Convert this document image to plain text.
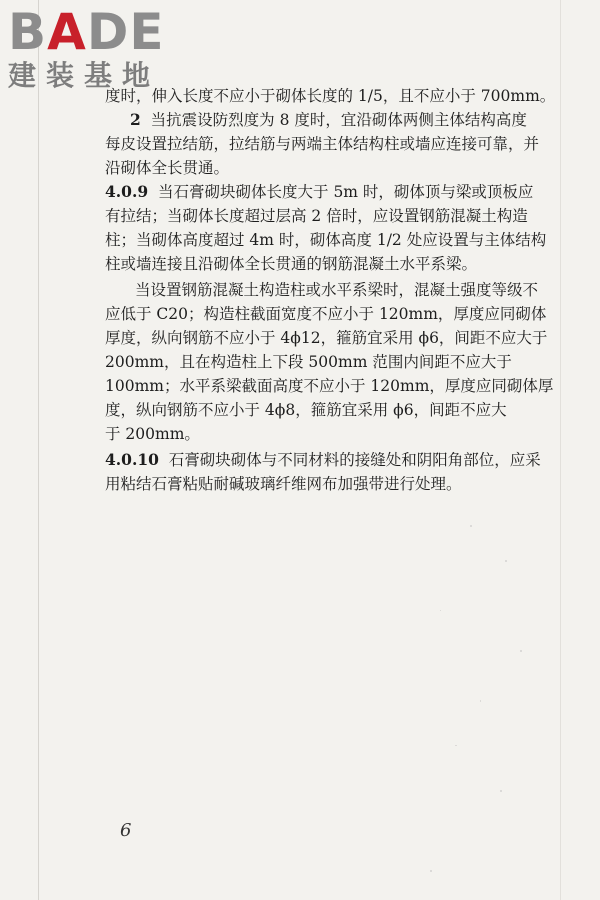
BADE
建装基地
度时，伸入长度不应小于砌体长度的 1/5，且不应小于 700mm。
2 当抗震设防烈度为 8 度时，宜沿砌体两侧主体结构高度
每皮设置拉结筋，拉结筋与两端主体结构柱或墙应连接可靠，并
沿砌体全长贯通。
4.0.9 当石膏砌块砌体长度大于 5m 时，砌体顶与梁或顶板应
有拉结；当砌体长度超过层高 2 倍时，应设置钢筋混凝土构造
柱；当砌体高度超过 4m 时，砌体高度 1/2 处应设置与主体结构
柱或墙连接且沿砌体全长贯通的钢筋混凝土水平系梁。
当设置钢筋混凝土构造柱或水平系梁时，混凝土强度等级不
应低于 C20；构造柱截面宽度不应小于 120mm，厚度应同砌体
厚度，纵向钢筋不应小于 4ϕ12，箍筋宜采用 ϕ6，间距不应大于
200mm，且在构造柱上下段 500mm 范围内间距不应大于
100mm；水平系梁截面高度不应小于 120mm，厚度应同砌体厚
度，纵向钢筋不应小于 4ϕ8，箍筋宜采用 ϕ6，间距不应大
于 200mm。
4.0.10 石膏砌块砌体与不同材料的接缝处和阴阳角部位，应采
用粘结石膏粘贴耐碱玻璃纤维网布加强带进行处理。
6
